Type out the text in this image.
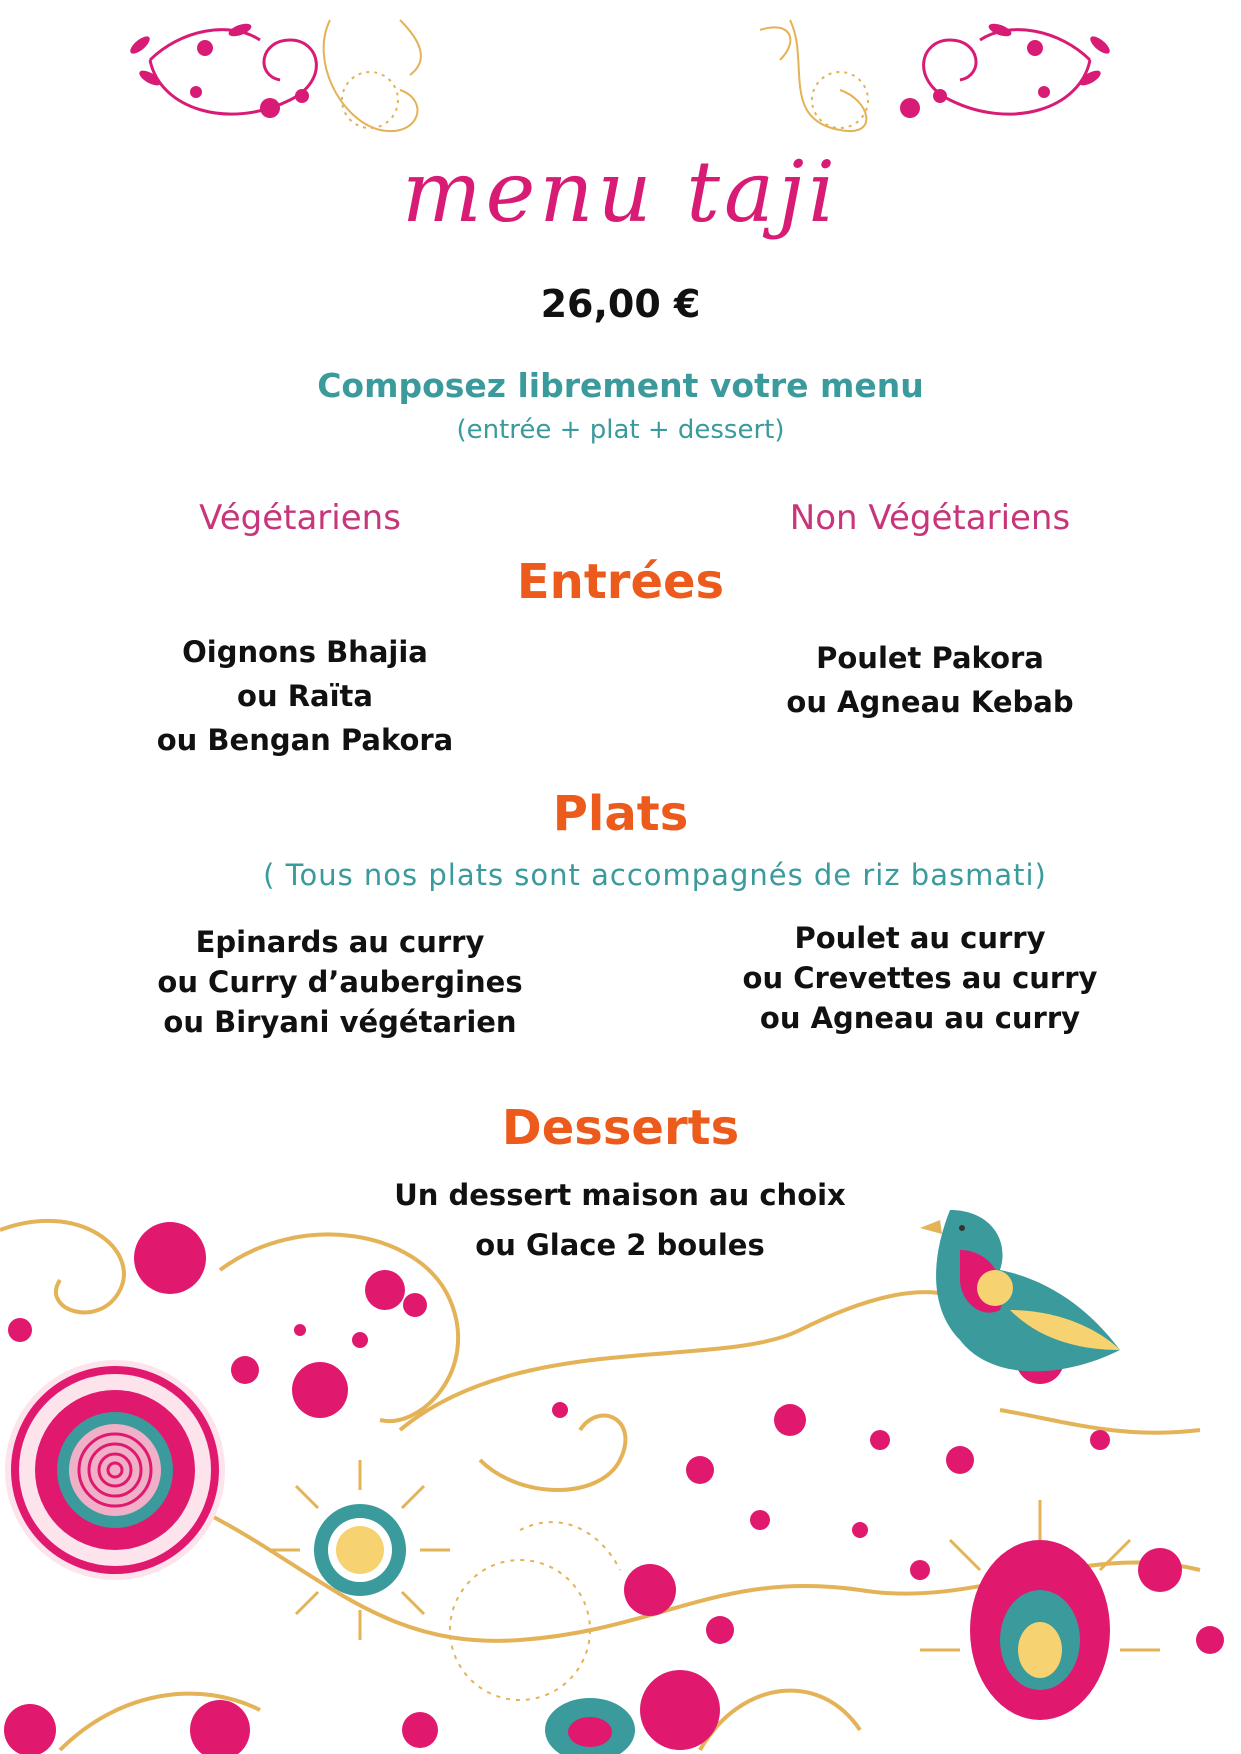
menu taji
26,00 €
Composez librement votre menu
(entrée + plat + dessert)
Végétariens	Non Végétariens
Entrées
Oignons Bhajia
ou Raïta
ou Bengan Pakora
Poulet Pakora
ou Agneau Kebab
Plats
( Tous nos plats sont accompagnés de riz basmati)
Epinards au curry
ou Curry d’aubergines
ou Biryani végétarien
Poulet au curry
ou Crevettes au curry
ou Agneau au curry
Desserts
Un dessert maison au choix
ou Glace 2 boules
